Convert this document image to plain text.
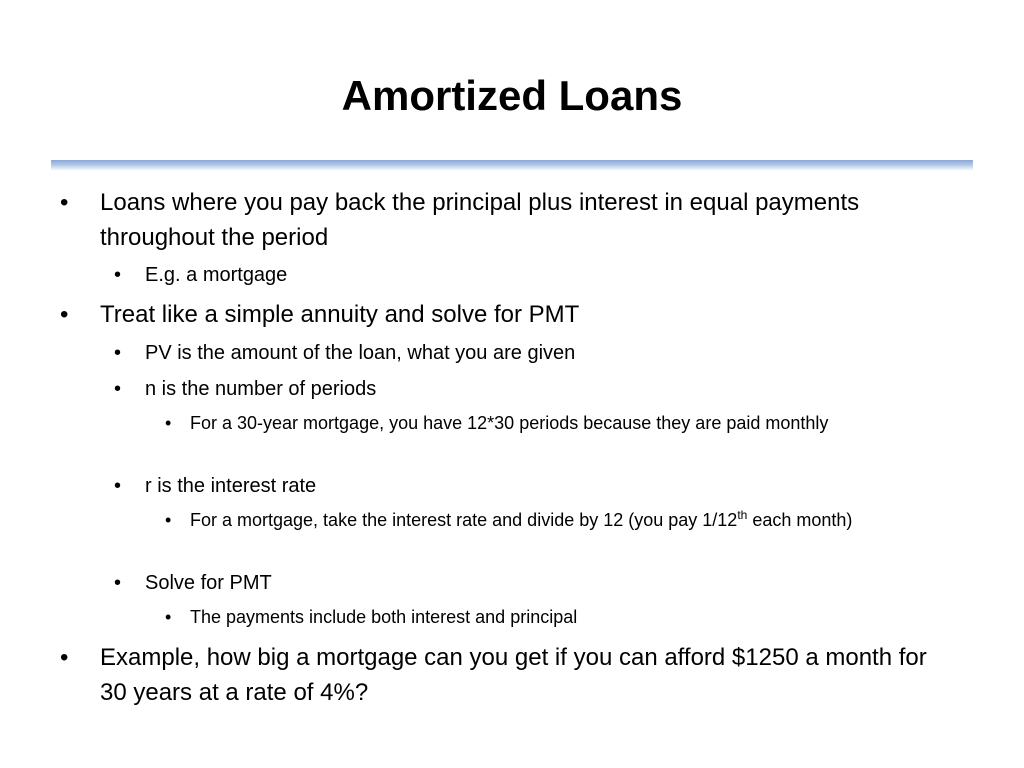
Amortized Loans
• Loans where you pay back the principal plus interest in equal payments throughout the period
• E.g. a mortgage
• Treat like a simple annuity and solve for PMT
• PV is the amount of the loan, what you are given
• n is the number of periods
• For a 30-year mortgage, you have 12*30 periods because they are paid monthly
• r is the interest rate
• For a mortgage, take the interest rate and divide by 12 (you pay 1/12th each month)
• Solve for PMT
• The payments include both interest and principal
• Example, how big a mortgage can you get if you can afford $1250 a month for 30 years at a rate of 4%?
